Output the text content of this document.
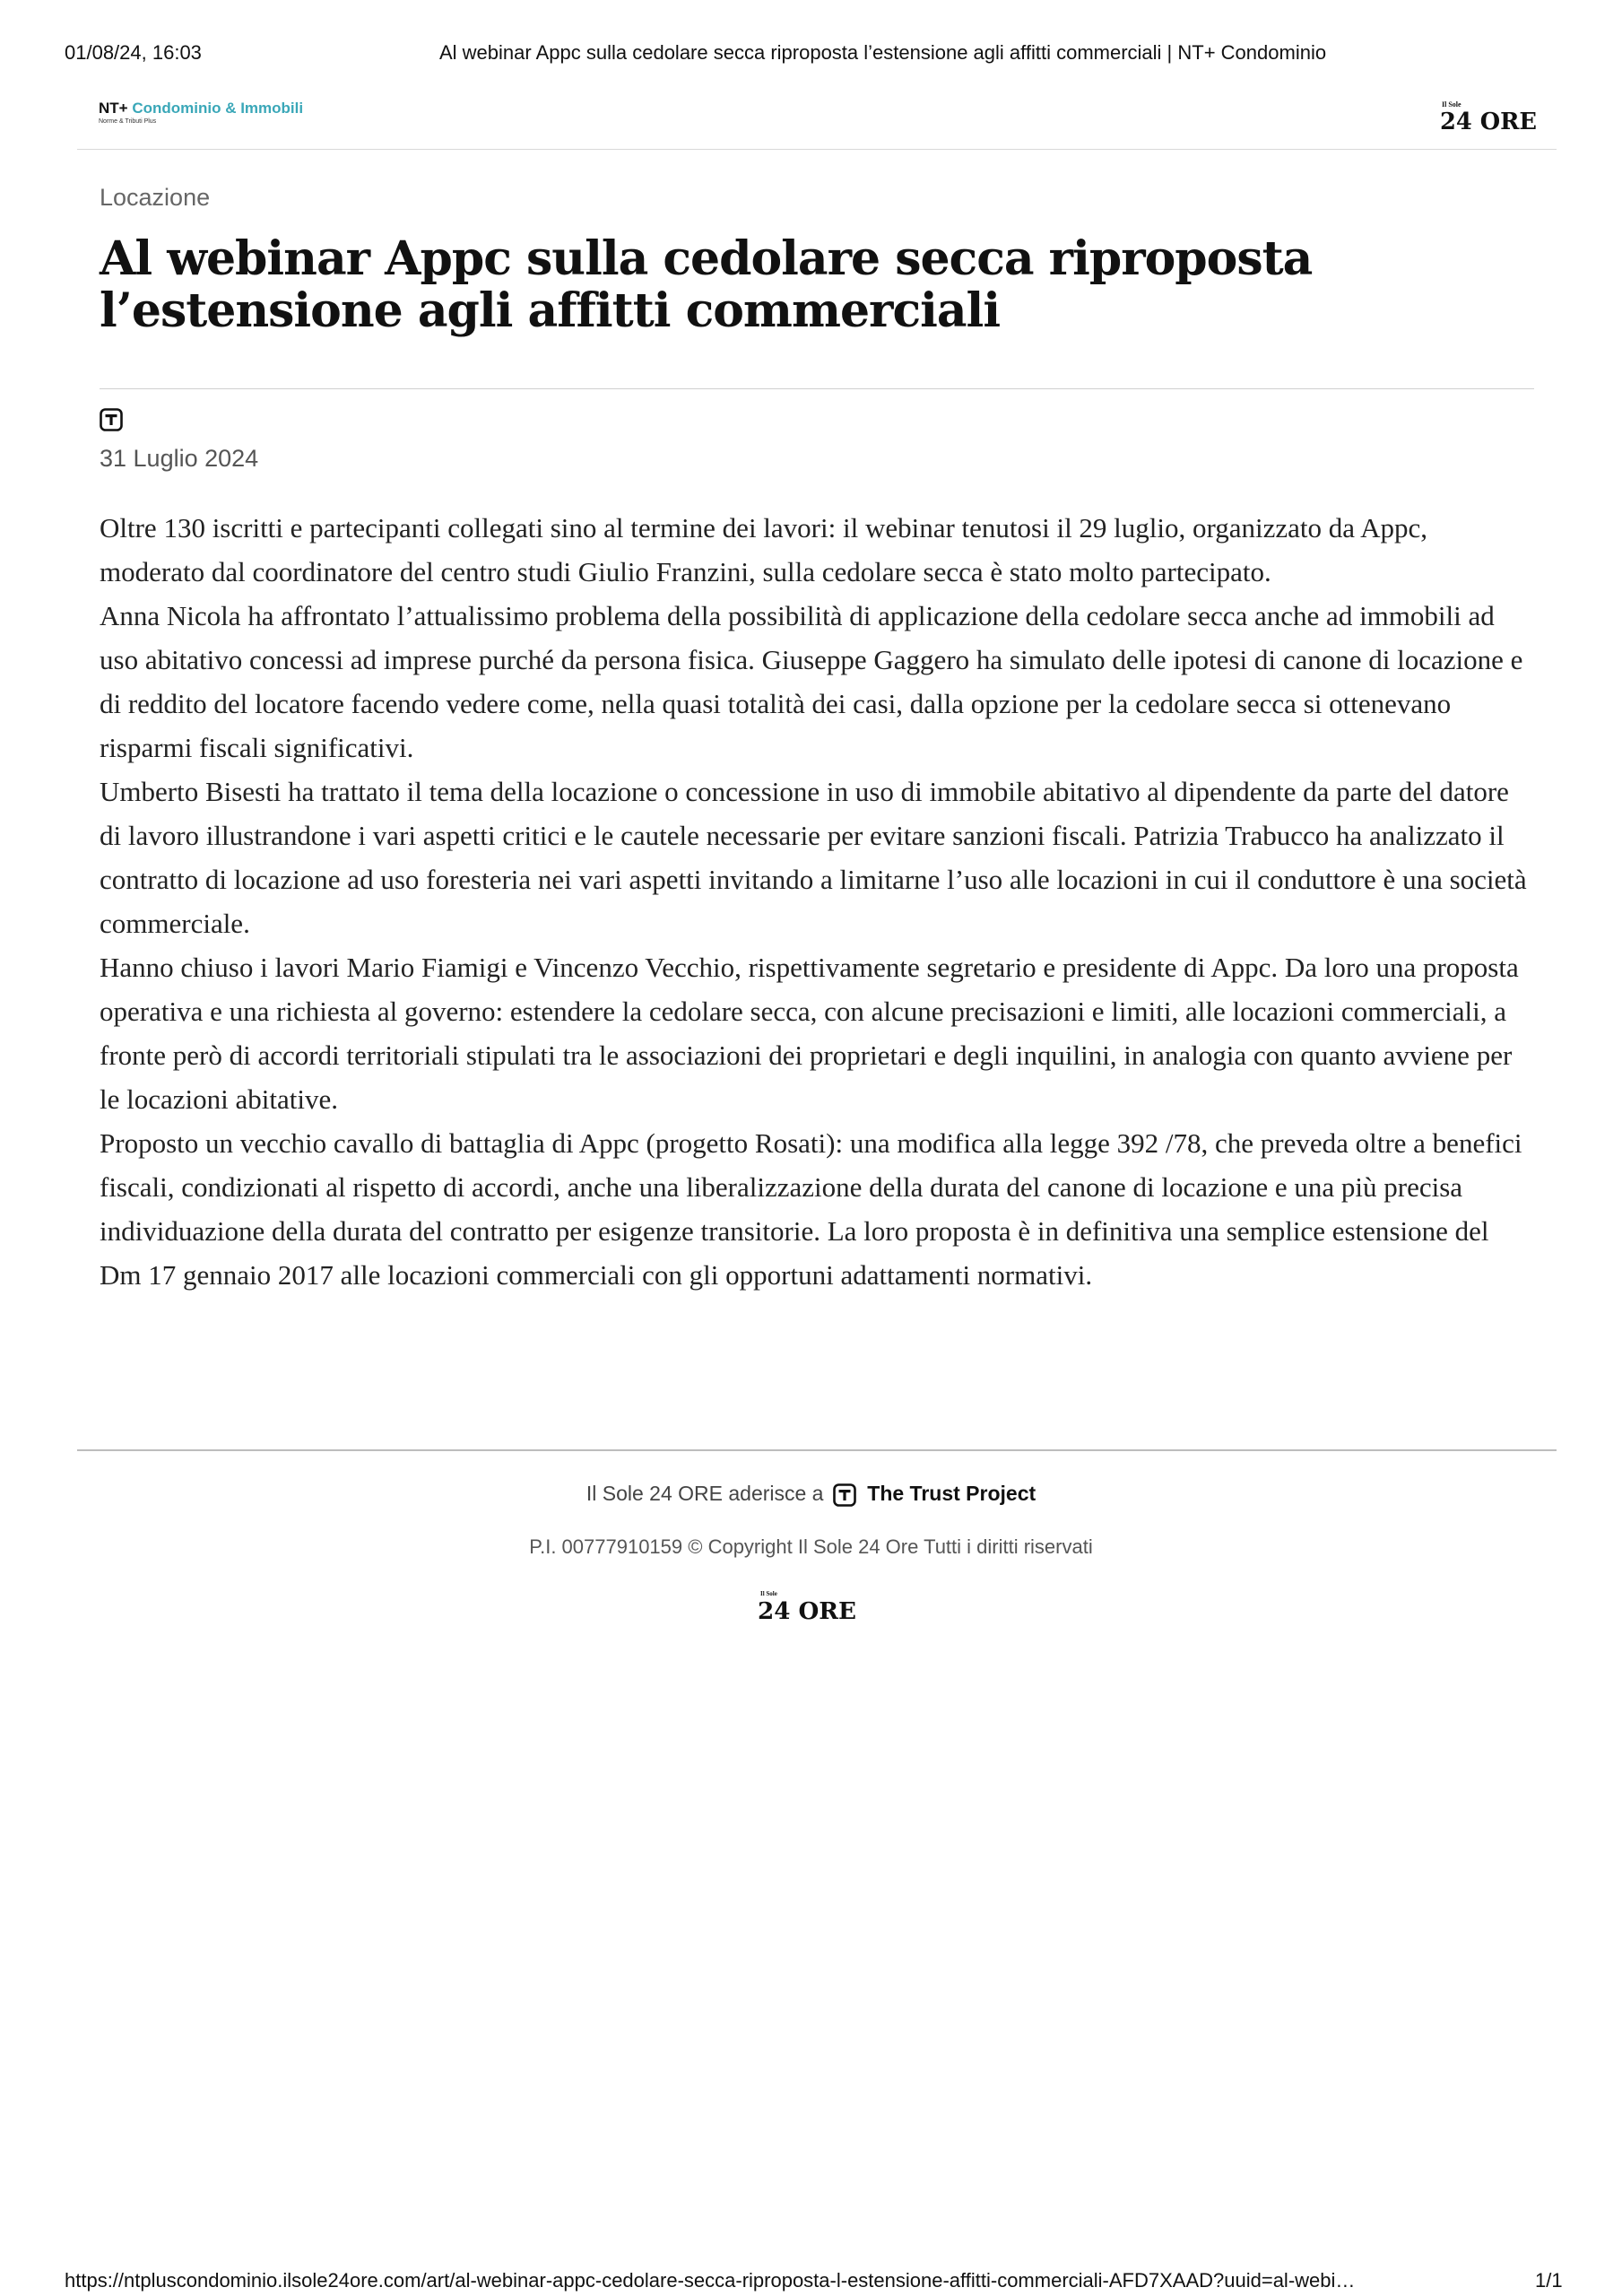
01/08/24, 16:03	Al webinar Appc sulla cedolare secca riproposta l’estensione agli affitti commerciali | NT+ Condominio
NT+ Condominio & Immobili
Norme & Tributi Plus
Il Sole
24 ORE

Locazione

Al webinar Appc sulla cedolare secca riproposta l’estensione agli affitti commerciali
31 Luglio 2024

Oltre 130 iscritti e partecipanti collegati sino al termine dei lavori: il webinar tenutosi il 29 luglio, organizzato da Appc, moderato dal coordinatore del centro studi Giulio Franzini, sulla cedolare secca è stato molto partecipato.

Anna Nicola ha affrontato l’attualissimo problema della possibilità di applicazione della cedolare secca anche ad immobili ad uso abitativo concessi ad imprese purché da persona fisica. Giuseppe Gaggero ha simulato delle ipotesi di canone di locazione e di reddito del locatore facendo vedere come, nella quasi totalità dei casi, dalla opzione per la cedolare secca si ottenevano risparmi fiscali significativi.

Umberto Bisesti ha trattato il tema della locazione o concessione in uso di immobile abitativo al dipendente da parte del datore di lavoro illustrandone i vari aspetti critici e le cautele necessarie per evitare sanzioni fiscali. Patrizia Trabucco ha analizzato il contratto di locazione ad uso foresteria nei vari aspetti invitando a limitarne l’uso alle locazioni in cui il conduttore è una società commerciale.

Hanno chiuso i lavori Mario Fiamigi e Vincenzo Vecchio, rispettivamente segretario e presidente di Appc. Da loro una proposta operativa e una richiesta al governo: estendere la cedolare secca, con alcune precisazioni e limiti, alle locazioni commerciali, a fronte però di accordi territoriali stipulati tra le associazioni dei proprietari e degli inquilini, in analogia con quanto avviene per le locazioni abitative.

Proposto un vecchio cavallo di battaglia di Appc (progetto Rosati): una modifica alla legge 392 /78, che preveda oltre a benefici fiscali, condizionati al rispetto di accordi, anche una liberalizzazione della durata del canone di locazione e una più precisa individuazione della durata del contratto per esigenze transitorie. La loro proposta è in definitiva una semplice estensione del Dm 17 gennaio 2017 alle locazioni commerciali con gli opportuni adattamenti normativi.

Il Sole 24 ORE aderisce a The Trust Project
P.I. 00777910159 © Copyright Il Sole 24 Ore Tutti i diritti riservati
Il Sole
24 ORE
https://ntpluscondominio.ilsole24ore.com/art/al-webinar-appc-cedolare-secca-riproposta-l-estensione-affitti-commerciali-AFD7XAAD?uuid=al-webi…	1/1
